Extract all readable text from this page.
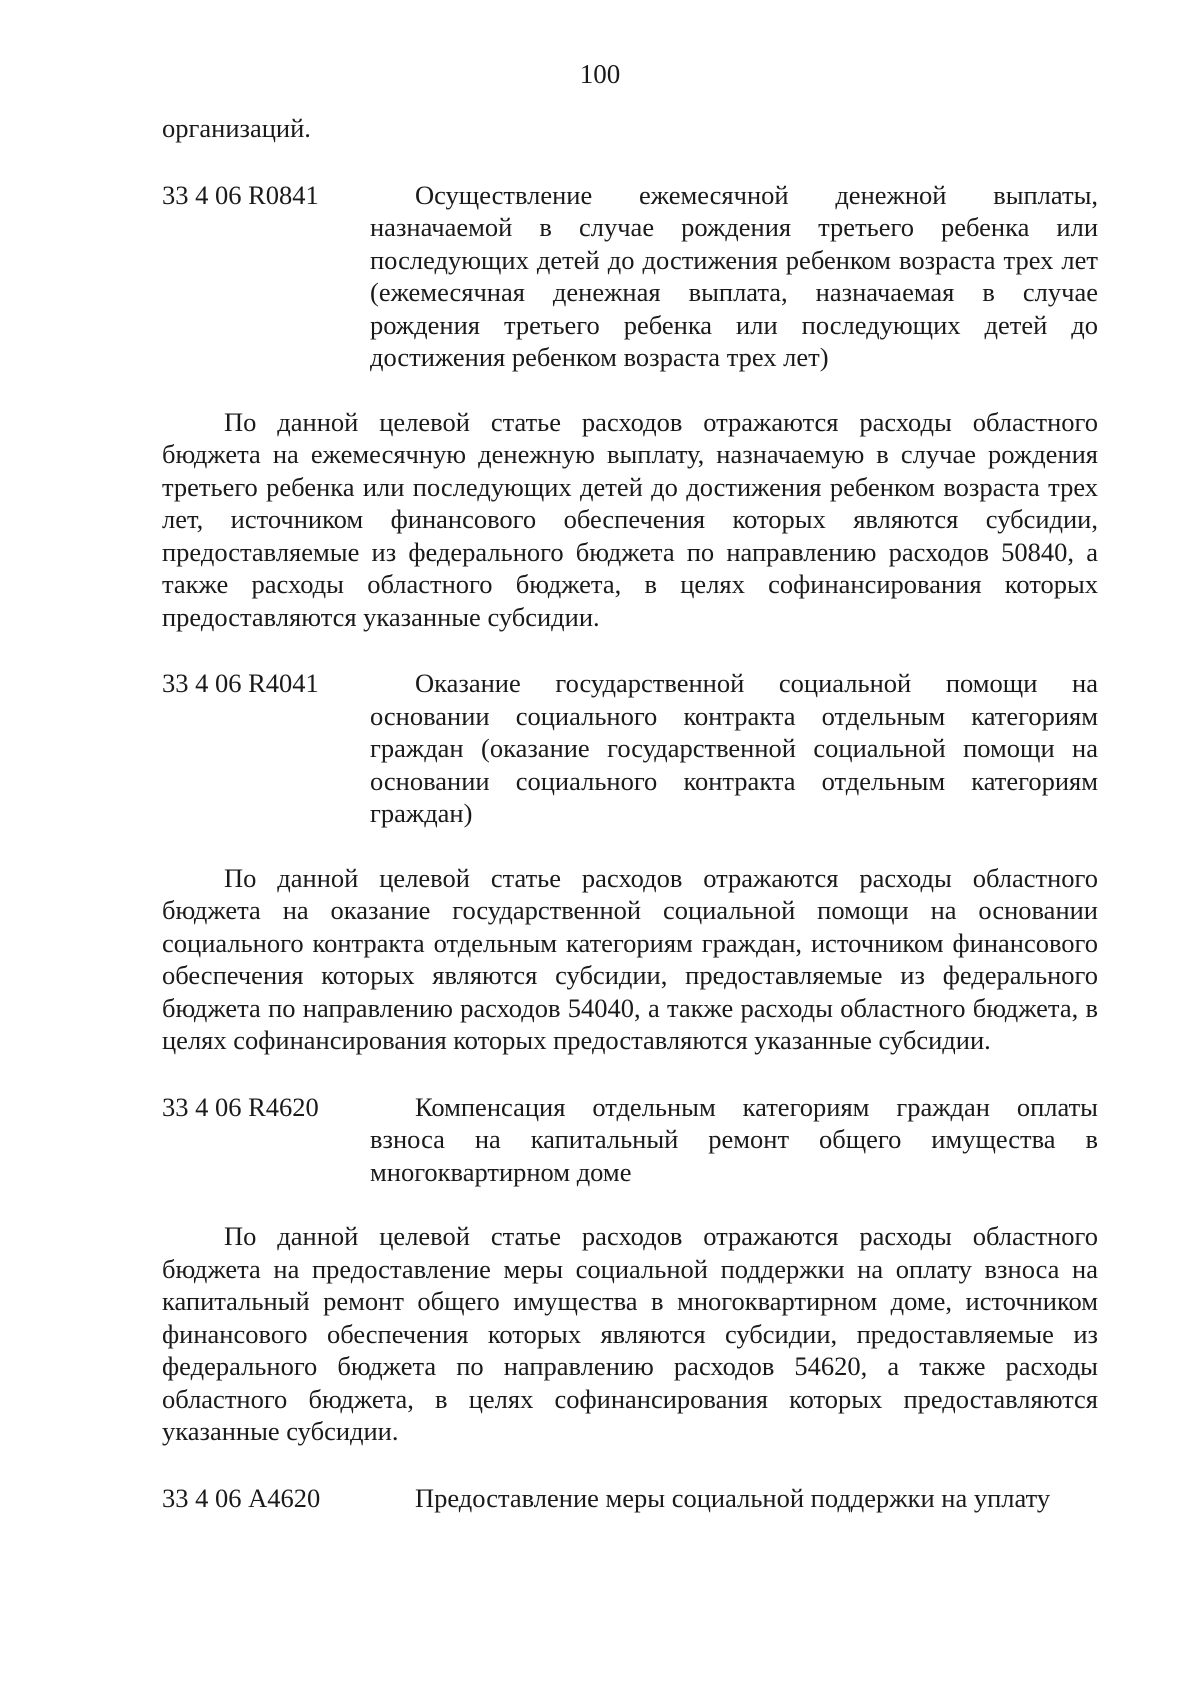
100

организаций.

33 4 06 R0841	Осуществление ежемесячной денежной выплаты, назначаемой в случае рождения третьего ребенка или последующих детей до достижения ребенком возраста трех лет (ежемесячная денежная выплата, назначаемая в случае рождения третьего ребенка или последующих детей до достижения ребенком возраста трех лет)

По данной целевой статье расходов отражаются расходы областного бюджета на ежемесячную денежную выплату, назначаемую в случае рождения третьего ребенка или последующих детей до достижения ребенком возраста трех лет, источником финансового обеспечения которых являются субсидии, предоставляемые из федерального бюджета по направлению расходов 50840, а также расходы областного бюджета, в целях софинансирования которых предоставляются указанные субсидии.

33 4 06 R4041	Оказание государственной социальной помощи на основании социального контракта отдельным категориям граждан (оказание государственной социальной помощи на основании социального контракта отдельным категориям граждан)

По данной целевой статье расходов отражаются расходы областного бюджета на оказание государственной социальной помощи на основании социального контракта отдельным категориям граждан, источником финансового обеспечения которых являются субсидии, предоставляемые из федерального бюджета по направлению расходов 54040, а также расходы областного бюджета, в целях софинансирования которых предоставляются указанные субсидии.

33 4 06 R4620	Компенсация отдельным категориям граждан оплаты взноса на капитальный ремонт общего имущества в многоквартирном доме

По данной целевой статье расходов отражаются расходы областного бюджета на предоставление меры социальной поддержки на оплату взноса на капитальный ремонт общего имущества в многоквартирном доме, источником финансового обеспечения которых являются субсидии, предоставляемые из федерального бюджета по направлению расходов 54620, а также расходы областного бюджета, в целях софинансирования которых предоставляются указанные субсидии.

33 4 06 А4620	Предоставление меры социальной поддержки на уплату
